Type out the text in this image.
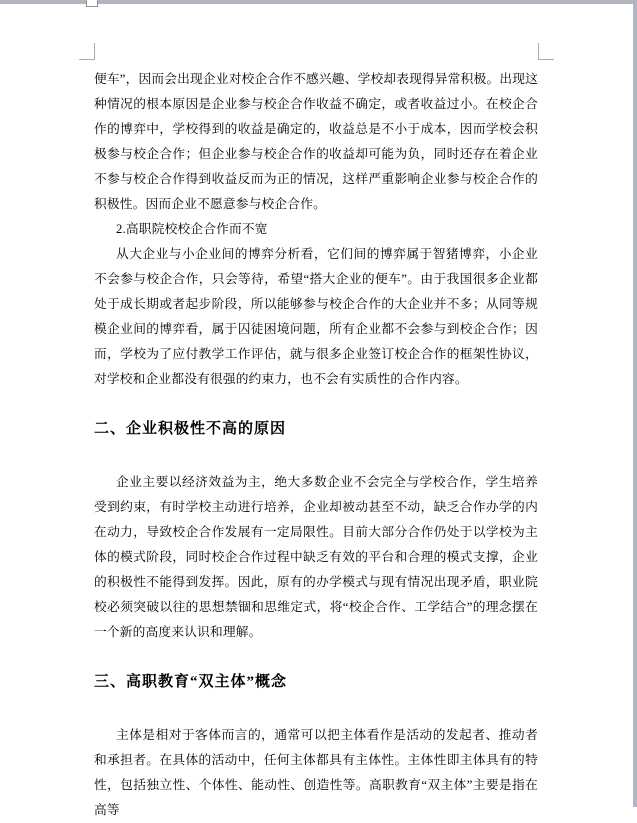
便车”，因而会出现企业对校企合作不感兴趣、学校却表现得异常积极。出现这种情况的根本原因是企业参与校企合作收益不确定，或者收益过小。在校企合作的博弈中，学校得到的收益是确定的，收益总是不小于成本，因而学校会积极参与校企合作；但企业参与校企合作的收益却可能为负，同时还存在着企业不参与校企合作得到收益反而为正的情况，这样严重影响企业参与校企合作的积极性。因而企业不愿意参与校企合作。

2.高职院校校企合作而不宽

从大企业与小企业间的博弈分析看，它们间的博弈属于智猪博弈，小企业不会参与校企合作，只会等待，希望“搭大企业的便车”。由于我国很多企业都处于成长期或者起步阶段，所以能够参与校企合作的大企业并不多；从同等规模企业间的博弈看，属于囚徒困境问题，所有企业都不会参与到校企合作；因而，学校为了应付教学工作评估，就与很多企业签订校企合作的框架性协议，对学校和企业都没有很强的约束力，也不会有实质性的合作内容。

二、企业积极性不高的原因

企业主要以经济效益为主，绝大多数企业不会完全与学校合作，学生培养受到约束，有时学校主动进行培养，企业却被动甚至不动，缺乏合作办学的内在动力，导致校企合作发展有一定局限性。目前大部分合作仍处于以学校为主体的模式阶段，同时校企合作过程中缺乏有效的平台和合理的模式支撑，企业的积极性不能得到发挥。因此，原有的办学模式与现有情况出现矛盾，职业院校必须突破以往的思想禁锢和思维定式，将“校企合作、工学结合”的理念摆在一个新的高度来认识和理解。

三、高职教育“双主体”概念

主体是相对于客体而言的，通常可以把主体看作是活动的发起者、推动者和承担者。在具体的活动中，任何主体都具有主体性。主体性即主体具有的特性，包括独立性、个体性、能动性、创造性等。高职教育“双主体”主要是指在高等
